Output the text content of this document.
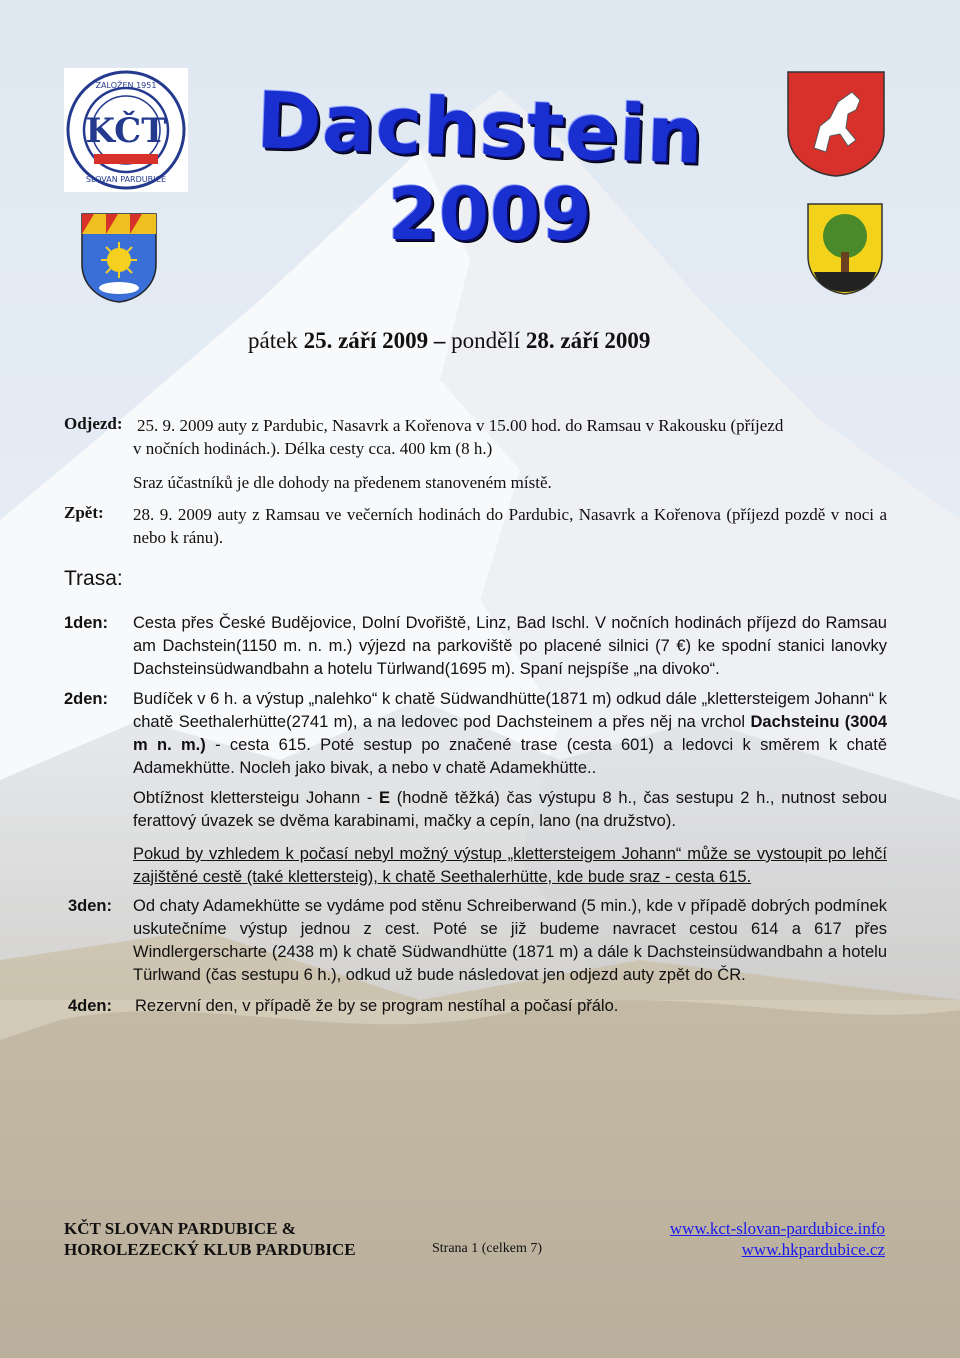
KČT
ZALOŽEN 1951
SLOVAN PARDUBICE Dachstein
2009
pátek 25. září 2009 – pondělí 28. září 2009
Odjezd: 25. 9. 2009 auty z Pardubic, Nasavrk a Kořenova v 15.00 hod. do Ramsau v Rakousku (příjezd
v nočních hodinách.). Délka cesty cca. 400 km (8 h.)
Sraz účastníků je dle dohody na předenem stanoveném místě.
Zpět: 28. 9. 2009 auty z Ramsau ve večerních hodinách do Pardubic, Nasavrk a Kořenova (příjezd pozdě v noci a nebo k ránu).
Trasa:
1den: Cesta přes České Budějovice, Dolní Dvořiště, Linz, Bad Ischl. V nočních hodinách příjezd do Ramsau am Dachstein(1150 m. n. m.) výjezd na parkoviště po placené silnici (7 €) ke spodní stanici lanovky Dachsteinsüdwandbahn a hotelu Türlwand(1695 m). Spaní nejspíše „na divoko“.
2den: Budíček v 6 h. a výstup „nalehko“ k chatě Südwandhütte(1871 m) odkud dále „klettersteigem Johann“ k chatě Seethalerhütte(2741 m), a na ledovec pod Dachsteinem a přes něj na vrchol Dachsteinu (3004 m n. m.) - cesta 615. Poté sestup po značené trase (cesta 601) a ledovci k směrem k chatě Adamekhütte. Nocleh jako bivak, a nebo v chatě Adamekhütte..
Obtížnost klettersteigu Johann - E (hodně těžká) čas výstupu 8 h., čas sestupu 2 h., nutnost sebou ferattový úvazek se dvěma karabinami, mačky a cepín, lano (na družstvo).
Pokud by vzhledem k počasí nebyl možný výstup „klettersteigem Johann“ může se vystoupit po lehčí zajištěné cestě (také klettersteig), k chatě Seethalerhütte, kde bude sraz - cesta 615.
3den: Od chaty Adamekhütte se vydáme pod stěnu Schreiberwand (5 min.), kde v případě dobrých podmínek uskutečníme výstup jednou z cest. Poté se již budeme navracet cestou 614 a 617 přes Windlergerscharte (2438 m) k chatě Südwandhütte (1871 m) a dále k Dachsteinsüdwandbahn a hotelu Türlwand (čas sestupu 6 h.), odkud už bude následovat jen odjezd auty zpět do ČR.
4den: Rezervní den, v případě že by se program nestíhal a počasí přálo.
KČT SLOVAN PARDUBICE &
HOROLEZECKÝ KLUB PARDUBICE	Strana 1 (celkem 7)
www.kct-slovan-pardubice.info
www.hkpardubice.cz
